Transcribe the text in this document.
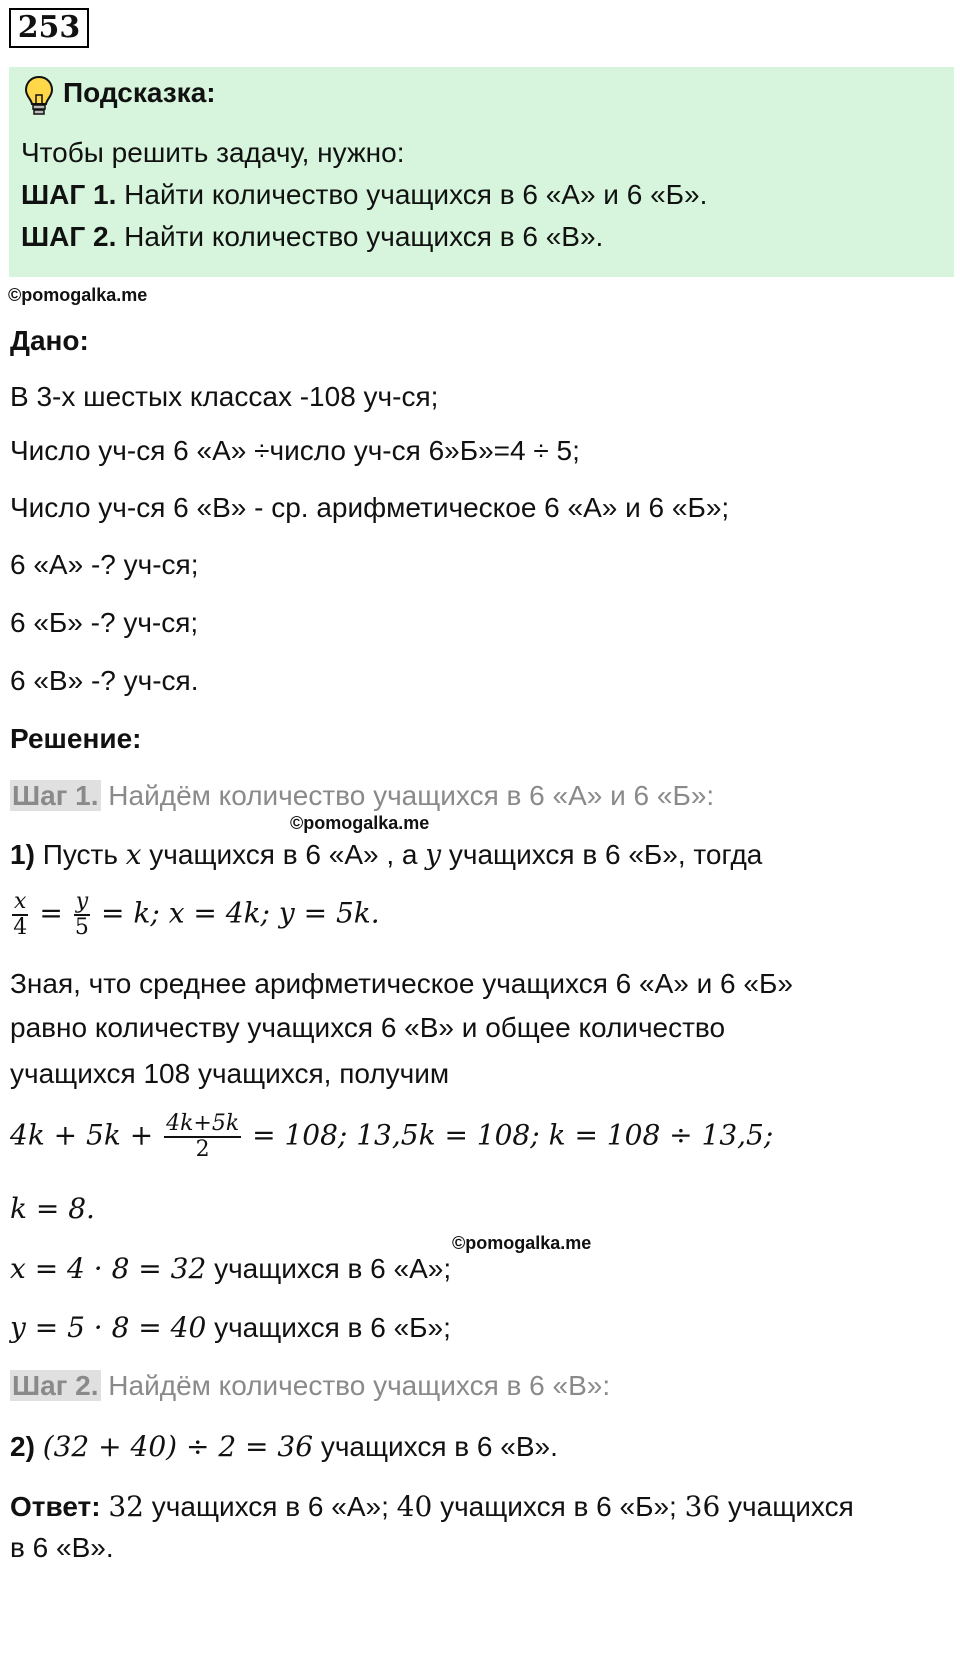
253
Подсказка:
Чтобы решить задачу, нужно:
ШАГ 1. Найти количество учащихся в 6 «А» и 6 «Б».
ШАГ 2. Найти количество учащихся в 6 «В».
©pomogalka.me
Дано:
В 3-х шестых классах -108 уч-ся;
Число уч-ся 6 «А» ÷число уч-ся 6»Б»=4 ÷ 5;
Число уч-ся 6 «В» - ср. арифметическое 6 «А» и 6 «Б»;
6 «А» -? уч-ся;
6 «Б» -? уч-ся;
6 «В» -? уч-ся.
Решение:
Шаг 1. Найдём количество учащихся в 6 «А» и 6 «Б»:
©pomogalka.me
1) Пусть x учащихся в 6 «А» , а y учащихся в 6 «Б», тогда
$\frac{x}{4} = \frac{y}{5} = k$; x = 4k; y = 5k.
Зная, что среднее арифметическое учащихся 6 «А» и 6 «Б»
равно количеству учащихся 6 «В» и общее количество
учащихся 108 учащихся, получим
$4k + 5k + \frac{4k+5k}{2} = 108$; 13,5k = 108; k = 108 ÷ 13,5;
k = 8.
©pomogalka.me
x = 4 · 8 = 32 учащихся в 6 «А»;
y = 5 · 8 = 40 учащихся в 6 «Б»;
Шаг 2. Найдём количество учащихся в 6 «В»:
2) (32 + 40) ÷ 2 = 36 учащихся в 6 «В».
Ответ: 32 учащихся в 6 «А»; 40 учащихся в 6 «Б»; 36 учащихся
в 6 «В».
